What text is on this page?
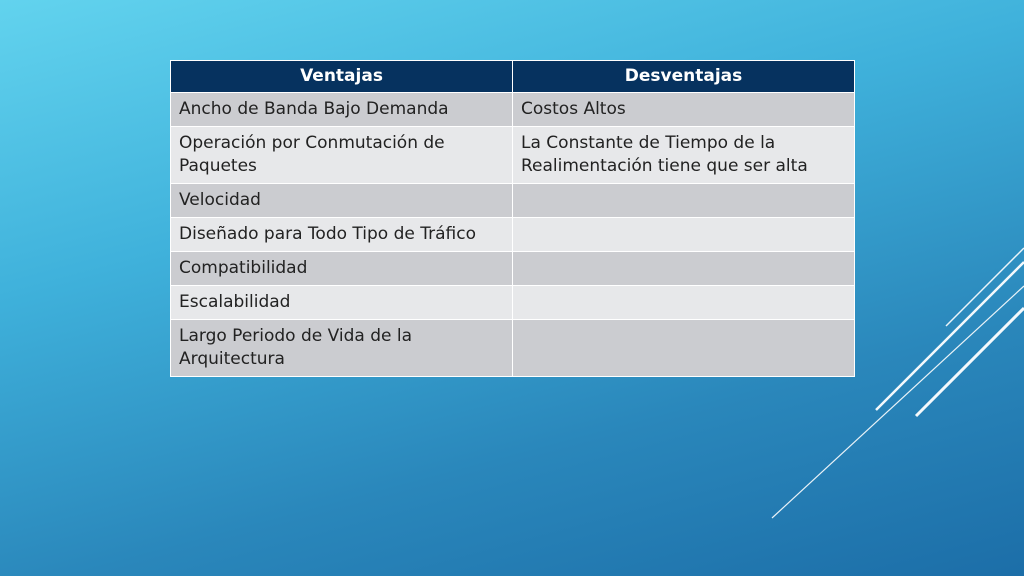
Ventajas	Desventajas
Ancho de Banda Bajo Demanda	Costos Altos
Operación por Conmutación de Paquetes	La Constante de Tiempo de la Realimentación tiene que ser alta
Velocidad	
Diseñado para Todo Tipo de Tráfico	
Compatibilidad	
Escalabilidad	
Largo Periodo de Vida de la Arquitectura	
